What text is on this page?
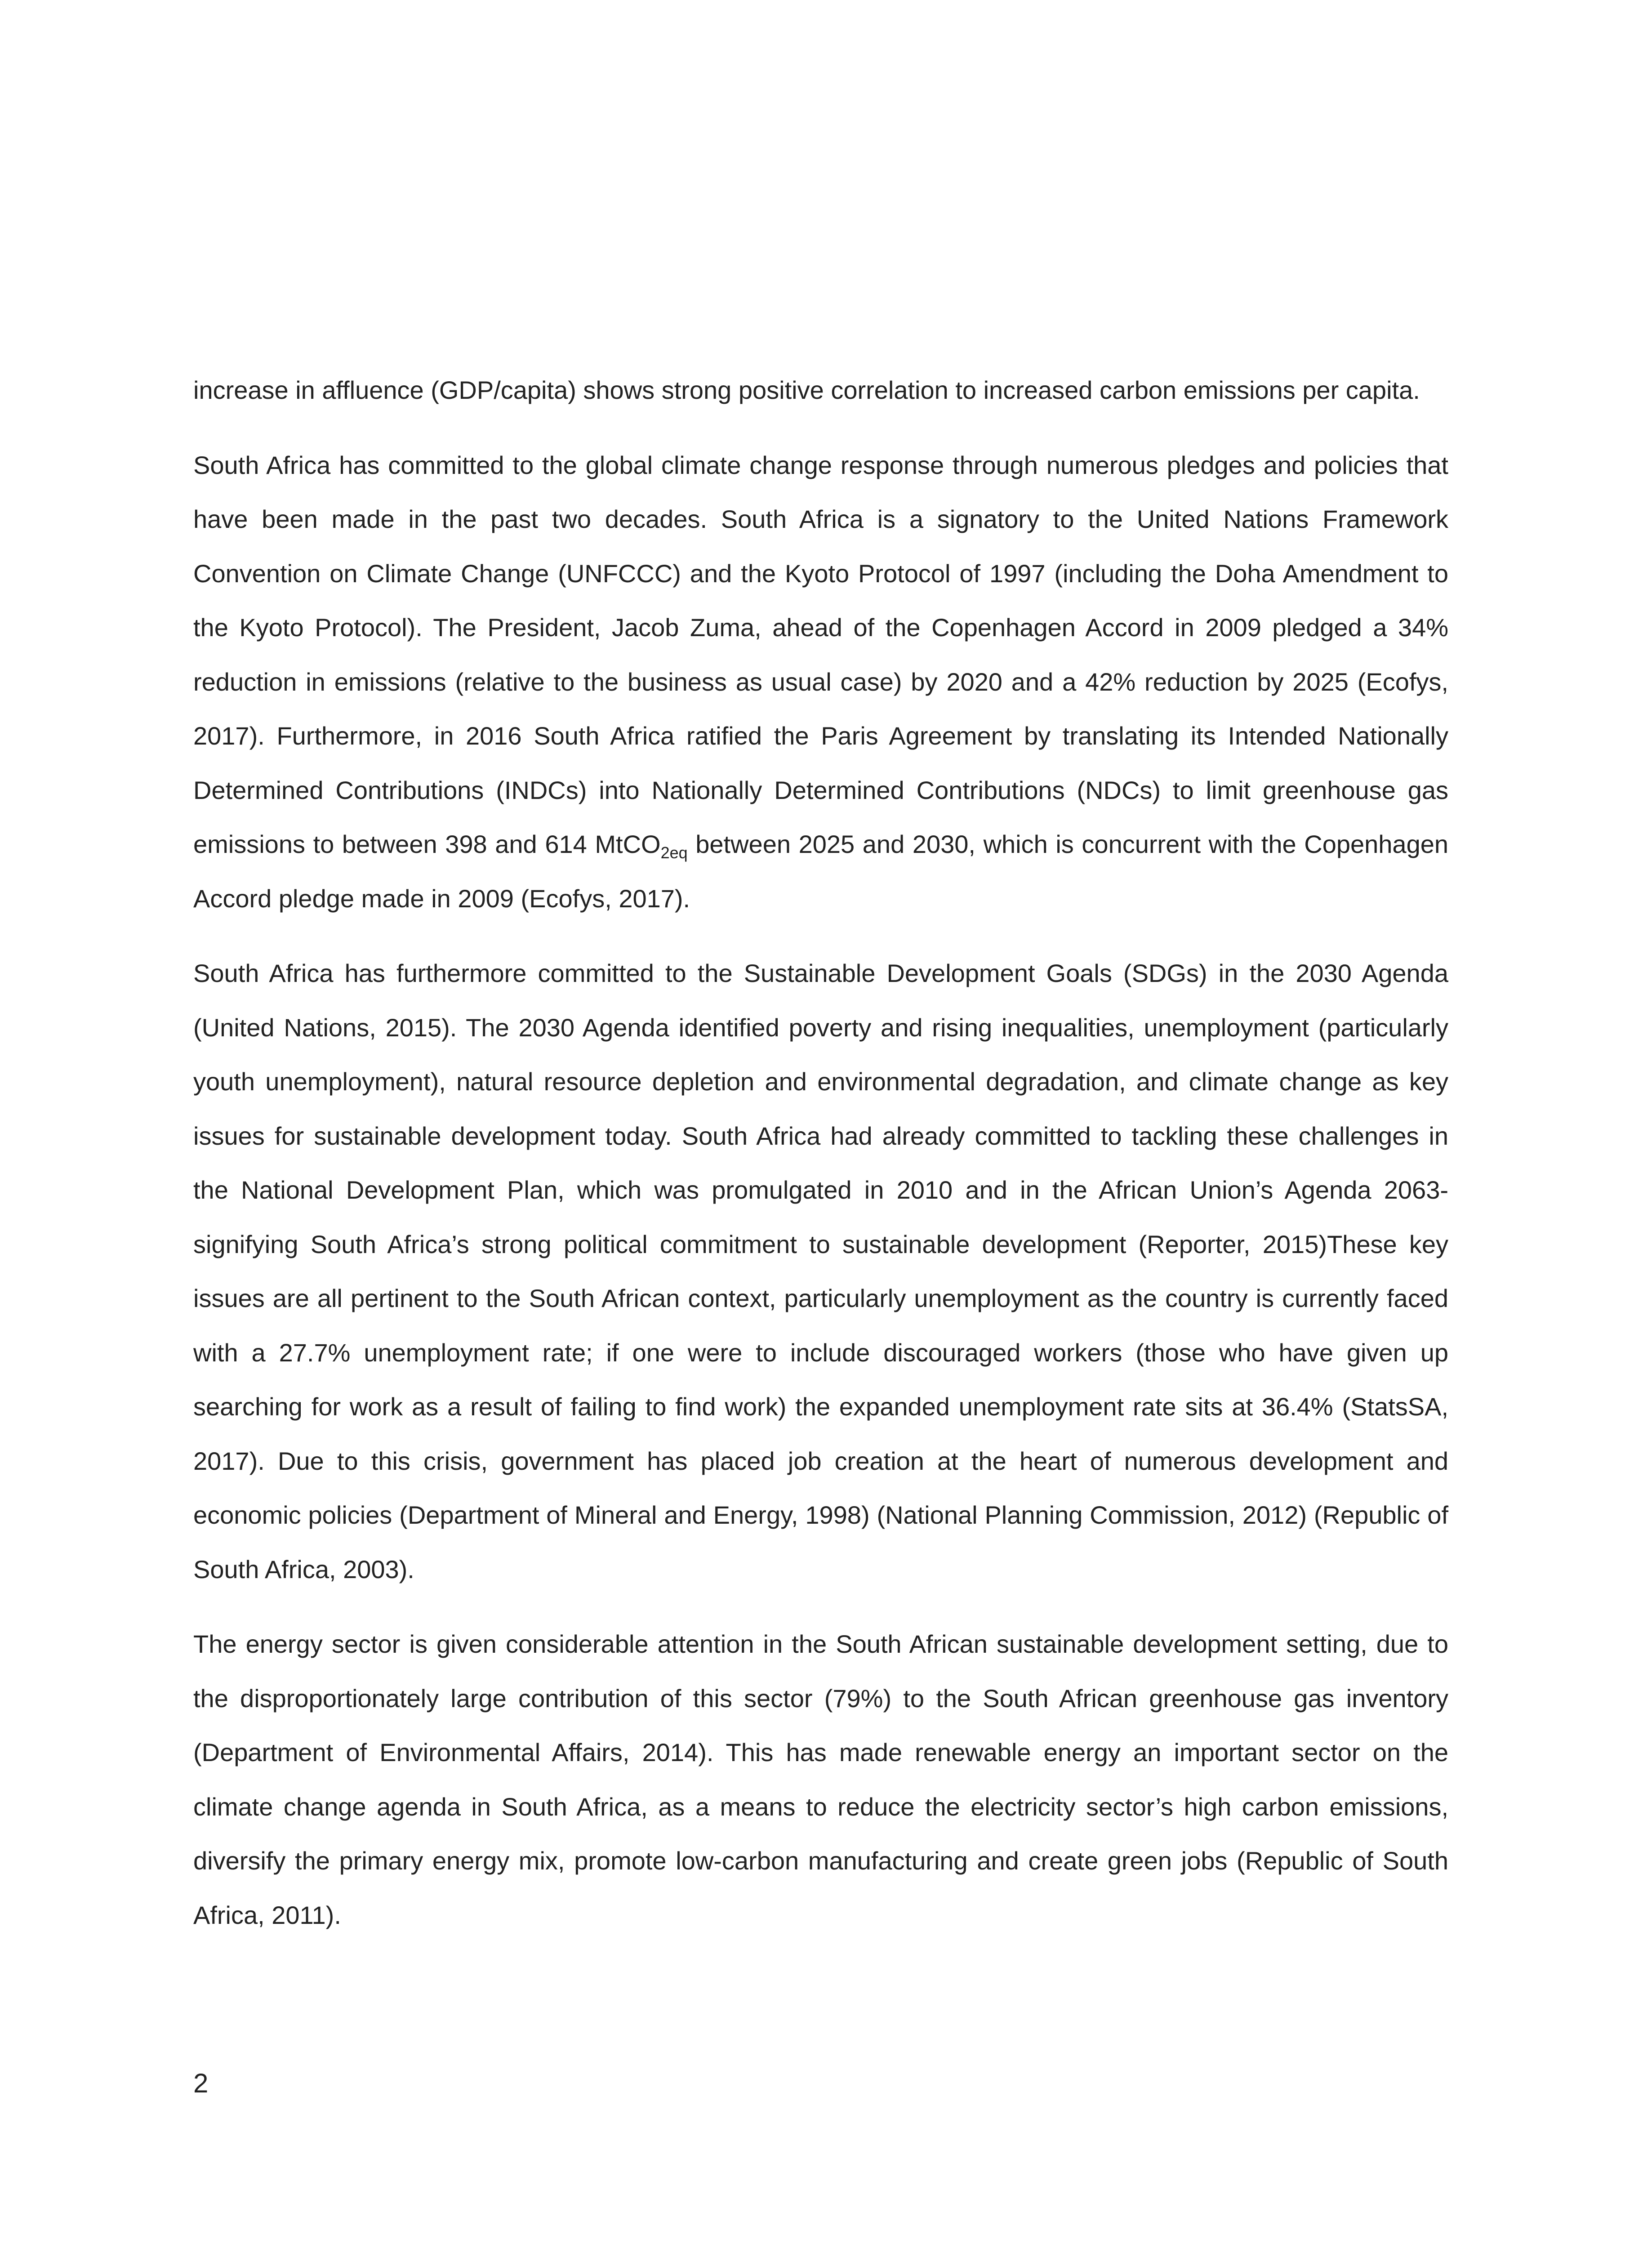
increase in affluence (GDP/capita) shows strong positive correlation to increased carbon emissions per capita.

South Africa has committed to the global climate change response through numerous pledges and policies that have been made in the past two decades. South Africa is a signatory to the United Nations Framework Convention on Climate Change (UNFCCC) and the Kyoto Protocol of 1997 (including the Doha Amendment to the Kyoto Protocol). The President, Jacob Zuma, ahead of the Copenhagen Accord in 2009 pledged a 34% reduction in emissions (relative to the business as usual case) by 2020 and a 42% reduction by 2025 (Ecofys, 2017). Furthermore, in 2016 South Africa ratified the Paris Agreement by translating its Intended Nationally Determined Contributions (INDCs) into Nationally Determined Contributions (NDCs) to limit greenhouse gas emissions to between 398 and 614 MtCO$_{2eq}$ between 2025 and 2030, which is concurrent with the Copenhagen Accord pledge made in 2009 (Ecofys, 2017).

South Africa has furthermore committed to the Sustainable Development Goals (SDGs) in the 2030 Agenda (United Nations, 2015). The 2030 Agenda identified poverty and rising inequalities, unemployment (particularly youth unemployment), natural resource depletion and environmental degradation, and climate change as key issues for sustainable development today. South Africa had already committed to tackling these challenges in the National Development Plan, which was promulgated in 2010 and in the African Union’s Agenda 2063- signifying South Africa’s strong political commitment to sustainable development (Reporter, 2015)These key issues are all pertinent to the South African context, particularly unemployment as the country is currently faced with a 27.7% unemployment rate; if one were to include discouraged workers (those who have given up searching for work as a result of failing to find work) the expanded unemployment rate sits at 36.4% (StatsSA, 2017). Due to this crisis, government has placed job creation at the heart of numerous development and economic policies (Department of Mineral and Energy, 1998) (National Planning Commission, 2012) (Republic of South Africa, 2003).

The energy sector is given considerable attention in the South African sustainable development setting, due to the disproportionately large contribution of this sector (79%) to the South African greenhouse gas inventory (Department of Environmental Affairs, 2014). This has made renewable energy an important sector on the climate change agenda in South Africa, as a means to reduce the electricity sector’s high carbon emissions, diversify the primary energy mix, promote low-carbon manufacturing and create green jobs (Republic of South Africa, 2011).

2
